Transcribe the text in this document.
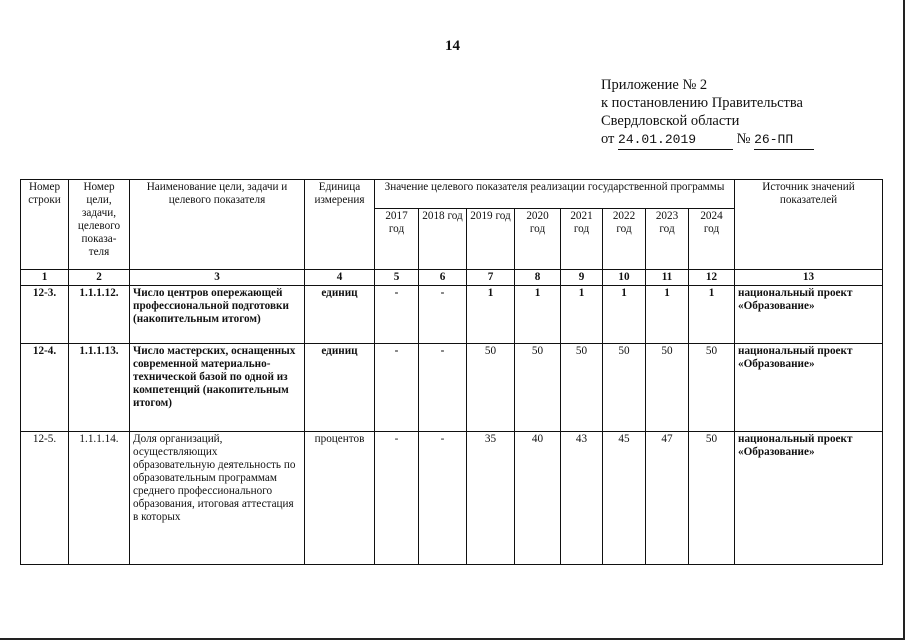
14
Приложение № 2
к постановлению Правительства
Свердловской области
от 24.01.2019	№ 26-ПП
Номер строки	Номер цели, задачи, целевого показа-теля	Наименование цели, задачи и целевого показателя	Единица измерения	Значение целевого показателя реализации государственной программы								Источник значений показателей
				2017 год	2018 год	2019 год	2020 год	2021 год	2022 год	2023 год	2024 год	
1	2	3	4	5	6	7	8	9	10	11	12	13
12-3.	1.1.1.12.	Число центров опережающей профессиональной подготовки (накопительным итогом)	единиц	-	-	1	1	1	1	1	1	национальный проект «Образование»
12-4.	1.1.1.13.	Число мастерских, оснащенных современной материально-технической базой по одной из компетенций (накопительным итогом)	единиц	-	-	50	50	50	50	50	50	национальный проект «Образование»
12-5.	1.1.1.14.	Доля организаций, осуществляющих образовательную деятельность по образовательным программам среднего профессионального образования, итоговая аттестация в которых	процентов	-	-	35	40	43	45	47	50	национальный проект «Образование»
